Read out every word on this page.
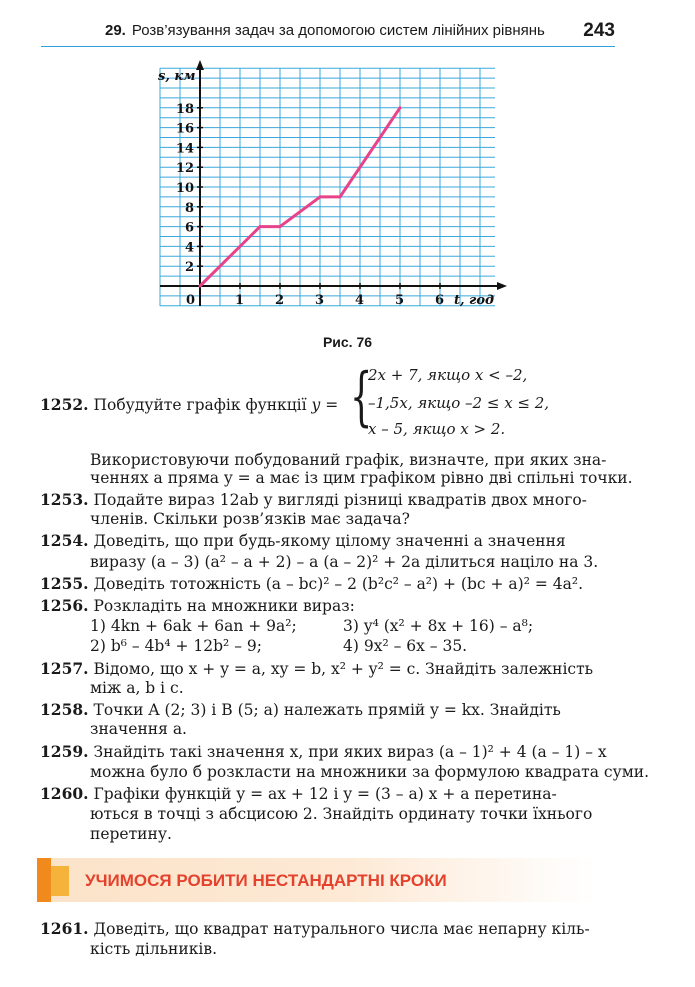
29. Розв’язування задач за допомогою систем лінійних рівнянь 243
0	1 2 3 4 5 6
2
4
6
8
10
12
14
16
18
t, год
s, км
Рис. 76
1252. Побудуйте графік функції y = {
2x + 7, якщо x < –2,
–1,5x, якщо –2 ≤ x ≤ 2,
x – 5, якщо x > 2.
Використовуючи побудований графік, визначте, при яких зна-
ченнях a пряма y = a має із цим графіком рівно дві спільні точки.
1253. Подайте вираз 12ab у вигляді різниці квадратів двох много-
членів. Скільки розв’язків має задача?
1254. Доведіть, що при будь-якому цілому значенні a значення
виразу (a – 3) (a² – a + 2) – a (a – 2)² + 2a ділиться націло на 3.
1255. Доведіть тотожність (a – bc)² – 2 (b²c² – a²) + (bc + a)² = 4a².
1256. Розкладіть на множники вираз:
1) 4kn + 6ak + 6an + 9a²;	3) y⁴ (x² + 8x + 16) – a⁸;
2) b⁶ – 4b⁴ + 12b² – 9;	4) 9x² – 6x – 35.
1257. Відомо, що x + y = a, xy = b, x² + y² = c. Знайдіть залежність
між a, b і c.
1258. Точки A (2; 3) і B (5; a) належать прямій y = kx. Знайдіть
значення a.
1259. Знайдіть такі значення x, при яких вираз (a – 1)² + 4 (a – 1) – x
можна було б розкласти на множники за формулою квадрата суми.
1260. Графіки функцій y = ax + 12 і y = (3 – a) x + a перетина-
ються в точці з абсцисою 2. Знайдіть ординату точки їхнього
перетину.
УЧИМОСЯ РОБИТИ НЕСТАНДАРТНІ КРОКИ
1261. Доведіть, що квадрат натурального числа має непарну кіль-
кість дільників.
